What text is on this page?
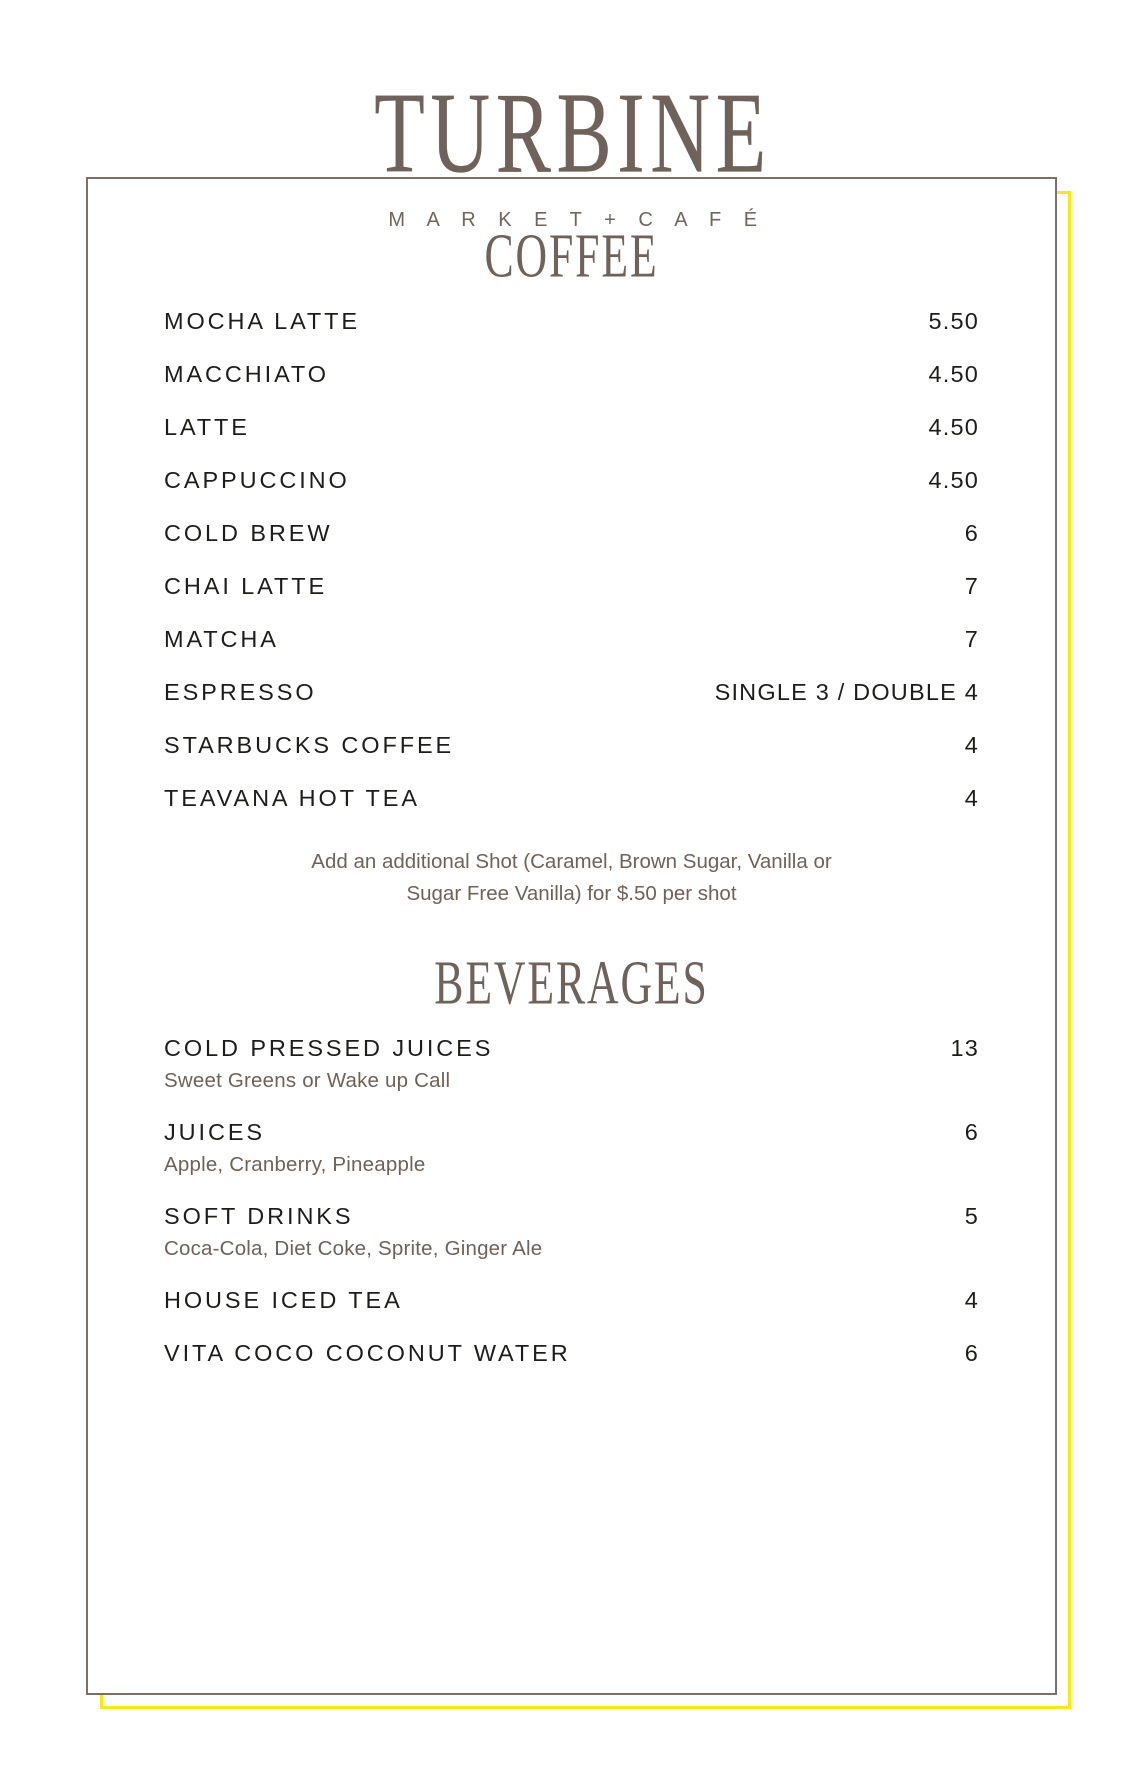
TURBINE
M A R K E T + C A F É
COFFEE
MOCHA LATTE .....	5.50
MACCHIATO .....	4.50
LATTE .....	4.50
CAPPUCCINO .....	4.50
COLD BREW .....	6
CHAI LATTE .....	7
MATCHA .....	7
ESPRESSO .....	SINGLE 3 / DOUBLE 4
STARBUCKS COFFEE .....	4
TEAVANA HOT TEA .....	4
Add an additional Shot (Caramel, Brown Sugar, Vanilla or Sugar Free Vanilla) for $.50 per shot
BEVERAGES
COLD PRESSED JUICES .....	13
Sweet Greens or Wake up Call
JUICES .....	6
Apple, Cranberry, Pineapple
SOFT DRINKS .....	5
Coca-Cola, Diet Coke, Sprite, Ginger Ale
HOUSE ICED TEA .....	4
VITA COCO COCONUT WATER .....	6
